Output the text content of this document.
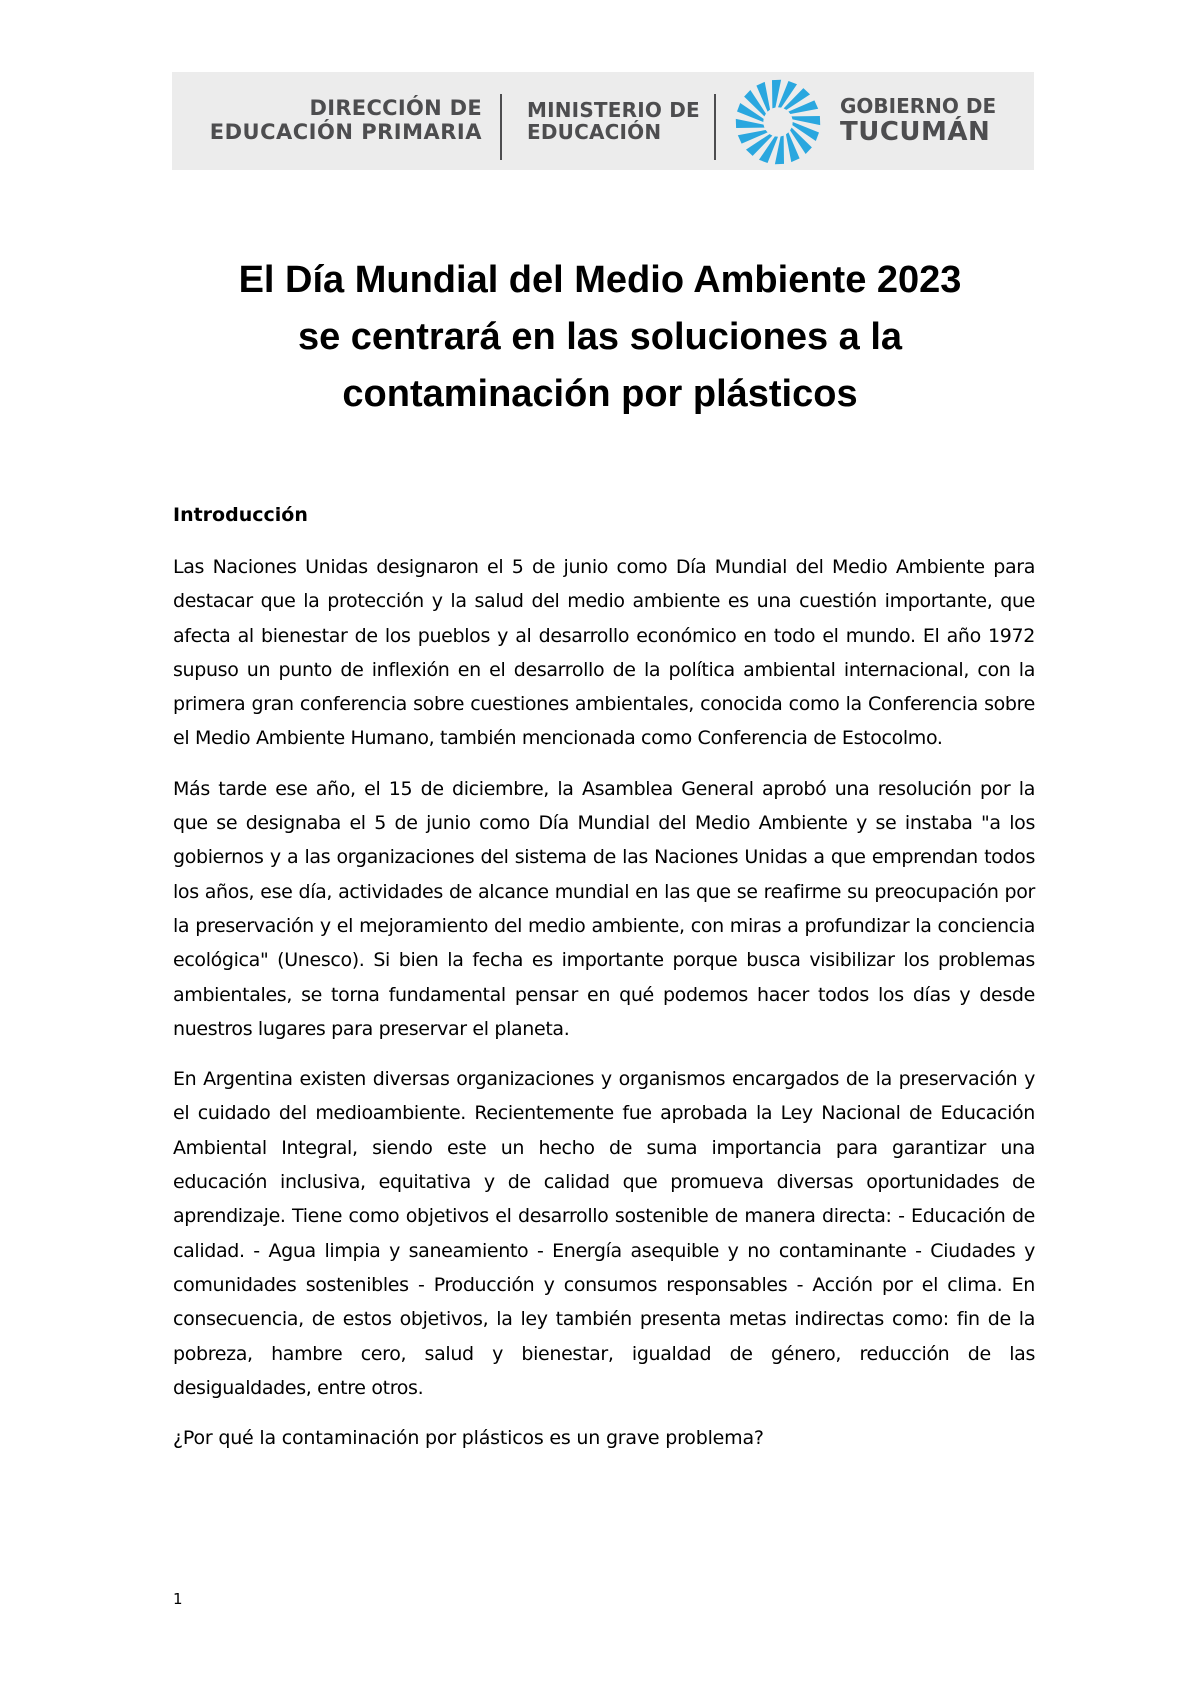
DIRECCIÓN DE
EDUCACIÓN PRIMARIA
MINISTERIO DE
EDUCACIÓN
GOBIERNO DE
TUCUMÁN
El Día Mundial del Medio Ambiente 2023
se centrará en las soluciones a la
contaminación por plásticos

Introducción

Las Naciones Unidas designaron el 5 de junio como Día Mundial del Medio Ambiente para destacar que la protección y la salud del medio ambiente es una cuestión importante, que afecta al bienestar de los pueblos y al desarrollo económico en todo el mundo. El año 1972 supuso un punto de inflexión en el desarrollo de la política ambiental internacional, con la primera gran conferencia sobre cuestiones ambientales, conocida como la Conferencia sobre el Medio Ambiente Humano, también mencionada como Conferencia de Estocolmo.

Más tarde ese año, el 15 de diciembre, la Asamblea General aprobó una resolución por la que se designaba el 5 de junio como Día Mundial del Medio Ambiente y se instaba "a los gobiernos y a las organizaciones del sistema de las Naciones Unidas a que emprendan todos los años, ese día, actividades de alcance mundial en las que se reafirme su preocupación por la preservación y el mejoramiento del medio ambiente, con miras a profundizar la conciencia ecológica" (Unesco). Si bien la fecha es importante porque busca visibilizar los problemas ambientales, se torna fundamental pensar en qué podemos hacer todos los días y desde nuestros lugares para preservar el planeta.

En Argentina existen diversas organizaciones y organismos encargados de la preservación y el cuidado del medioambiente. Recientemente fue aprobada la Ley Nacional de Educación Ambiental Integral, siendo este un hecho de suma importancia para garantizar una educación inclusiva, equitativa y de calidad que promueva diversas oportunidades de aprendizaje. Tiene como objetivos el desarrollo sostenible de manera directa: - Educación de calidad. - Agua limpia y saneamiento - Energía asequible y no contaminante - Ciudades y comunidades sostenibles - Producción y consumos responsables - Acción por el clima. En consecuencia, de estos objetivos, la ley también presenta metas indirectas como: fin de la pobreza, hambre cero, salud y bienestar, igualdad de género, reducción de las desigualdades, entre otros.

¿Por qué la contaminación por plásticos es un grave problema?

1
